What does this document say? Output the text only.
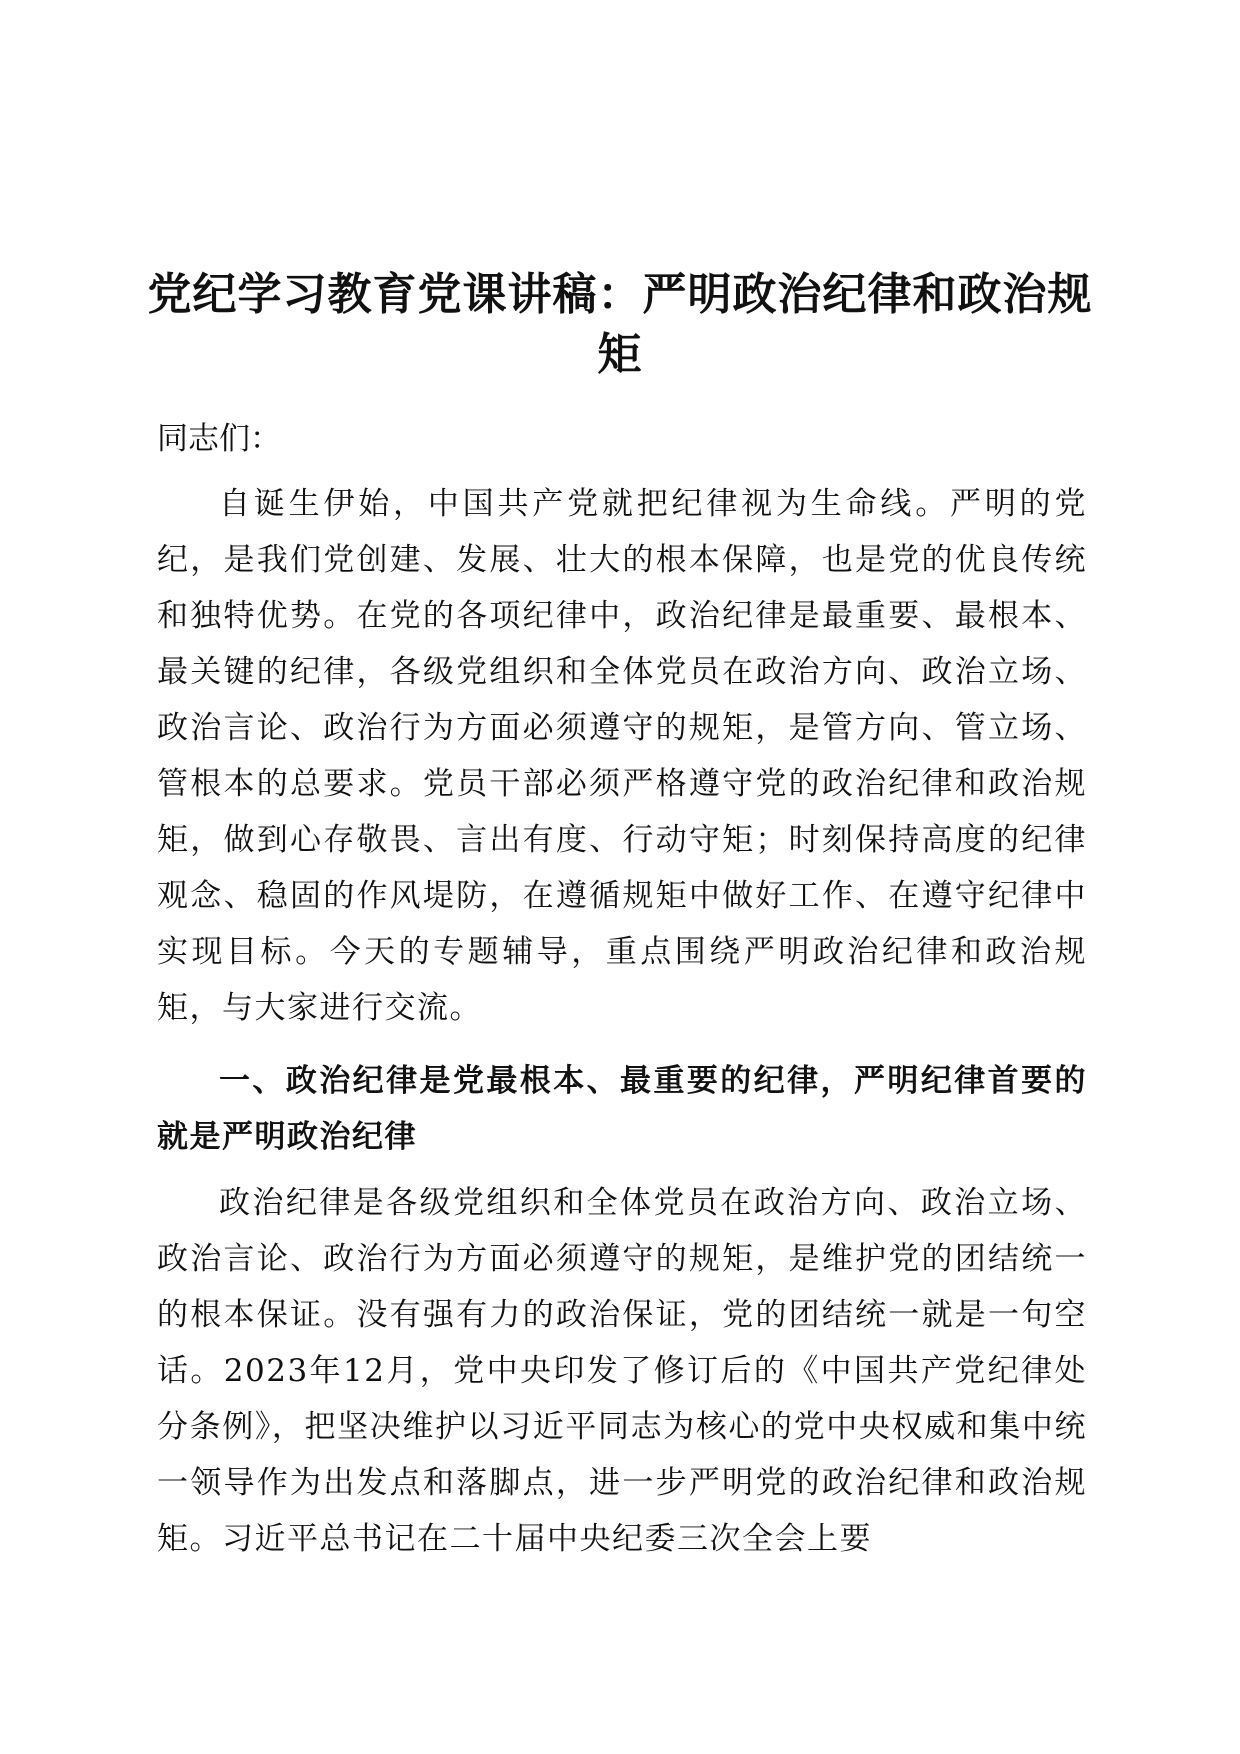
党纪学习教育党课讲稿：严明政治纪律和政治规矩

同志们：

自诞生伊始，中国共产党就把纪律视为生命线。严明的党纪，是我们党创建、发展、壮大的根本保障，也是党的优良传统和独特优势。在党的各项纪律中，政治纪律是最重要、最根本、最关键的纪律，各级党组织和全体党员在政治方向、政治立场、政治言论、政治行为方面必须遵守的规矩，是管方向、管立场、管根本的总要求。党员干部必须严格遵守党的政治纪律和政治规矩，做到心存敬畏、言出有度、行动守矩；时刻保持高度的纪律观念、稳固的作风堤防，在遵循规矩中做好工作、在遵守纪律中实现目标。今天的专题辅导，重点围绕严明政治纪律和政治规矩，与大家进行交流。

一、政治纪律是党最根本、最重要的纪律，严明纪律首要的就是严明政治纪律

政治纪律是各级党组织和全体党员在政治方向、政治立场、政治言论、政治行为方面必须遵守的规矩，是维护党的团结统一的根本保证。没有强有力的政治保证，党的团结统一就是一句空话。2023年12月，党中央印发了修订后的《中国共产党纪律处分条例》，把坚决维护以习近平同志为核心的党中央权威和集中统一领导作为出发点和落脚点，进一步严明党的政治纪律和政治规矩。习近平总书记在二十届中央纪委三次全会上要
